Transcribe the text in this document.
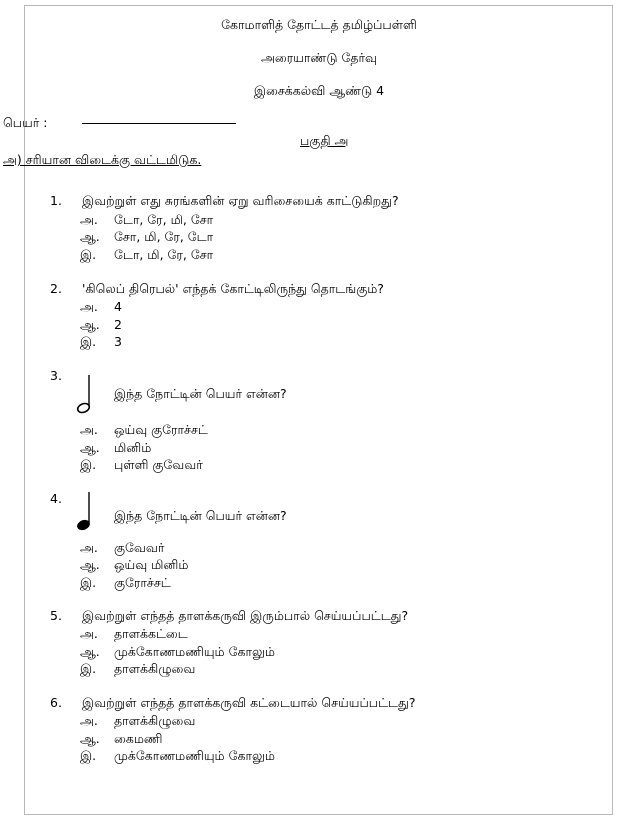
கோமாளித் தோட்டத் தமிழ்ப்பள்ளி
அரையாண்டு தேர்வு
இசைக்கல்வி ஆண்டு 4
பெயர் :
பகுதி அ
அ) சரியான விடைக்கு வட்டமிடுக.
1. இவற்றுள் எது சுரங்களின் ஏறு வரிசையைக் காட்டுகிறது?
அ. டோ, ரே, மி, சோ
ஆ. சோ, மி, ரே, டோ
இ. டோ, மி, ரே, சோ
2. 'கிலெப் திரெபல்' எந்தக் கோட்டிலிருந்து தொடங்கும்?
அ. 4
ஆ. 2
இ. 3
3.
இந்த நோட்டின் பெயர் என்ன?
அ. ஒய்வு குரோச்சட்
ஆ. மினிம்
இ. புள்ளி குவேவர்
4.
இந்த நோட்டின் பெயர் என்ன?
அ. குவேவர்
ஆ. ஒய்வு மினிம்
இ. குரோச்சட்
5. இவற்றுள் எந்தத் தாளக்கருவி இரும்பால் செய்யப்பட்டது?
அ. தாளக்கட்டை
ஆ. முக்கோணமணியும் கோலும்
இ. தாளக்கிழுவை
6. இவற்றுள் எந்தத் தாளக்கருவி கட்டையால் செய்யப்பட்டது?
அ. தாளக்கிழுவை
ஆ. கைமணி
இ. முக்கோணமணியும் கோலும்
